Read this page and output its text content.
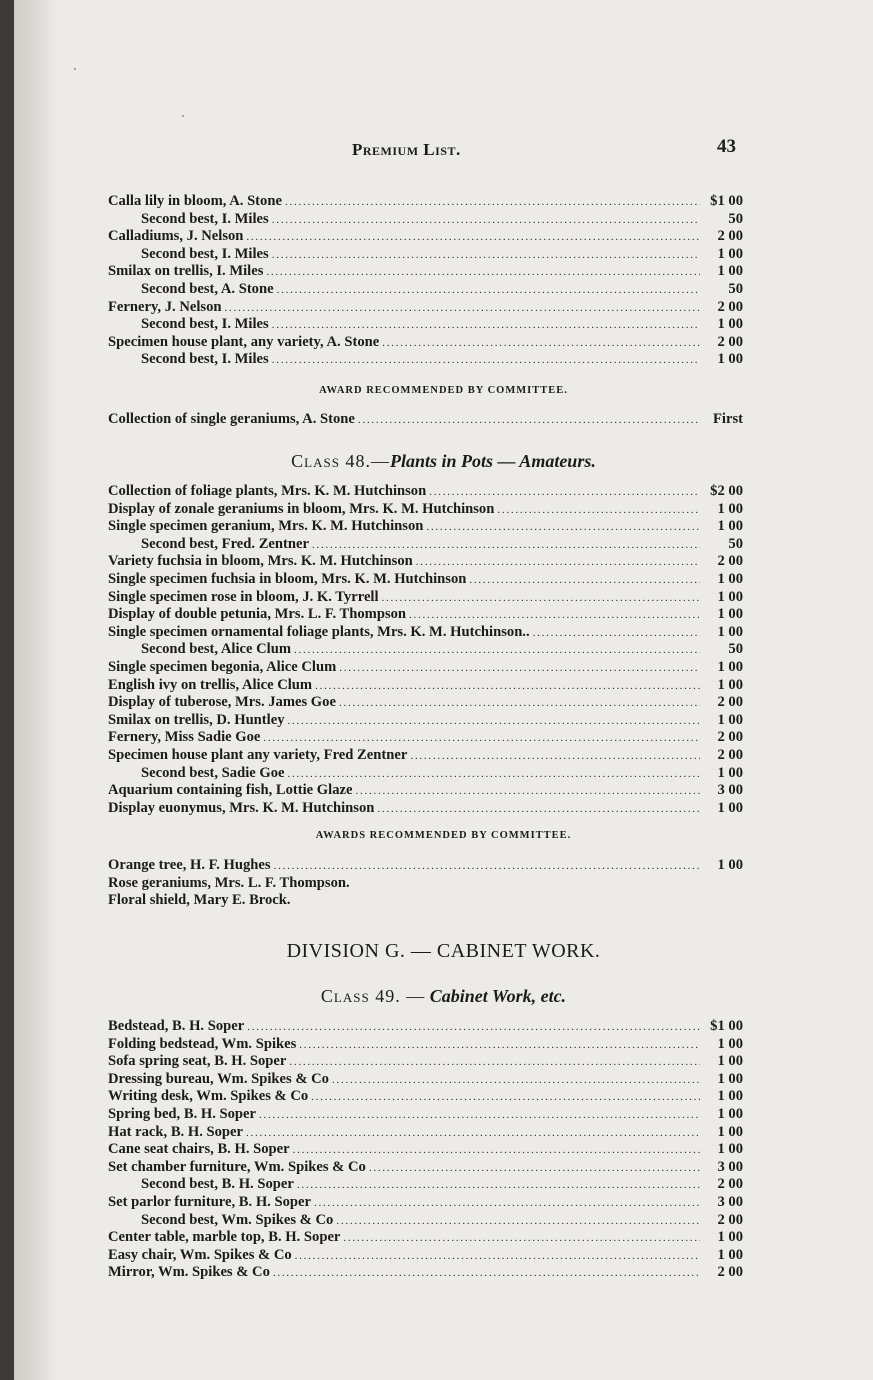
Premium List.	43
Calla lily in bloom, A. Stone . . .	$1 00
Second best, I. Miles . . .	50
Calladiums, J. Nelson . . .	2 00
Second best, I. Miles . . .	1 00
Smilax on trellis, I. Miles . . .	1 00
Second best, A. Stone . . .	50
Fernery, J. Nelson . . .	2 00
Second best, I. Miles . . .	1 00
Specimen house plant, any variety, A. Stone . . .	2 00
Second best, I. Miles . . .	1 00
AWARD RECOMMENDED BY COMMITTEE.
Collection of single geraniums, A. Stone . . .	First
Class 48.—Plants in Pots — Amateurs.
Collection of foliage plants, Mrs. K. M. Hutchinson . . .	$2 00
Display of zonale geraniums in bloom, Mrs. K. M. Hutchinson . . .	1 00
Single specimen geranium, Mrs. K. M. Hutchinson . . .	1 00
Second best, Fred. Zentner . . .	50
Variety fuchsia in bloom, Mrs. K. M. Hutchinson . . .	2 00
Single specimen fuchsia in bloom, Mrs. K. M. Hutchinson . . .	1 00
Single specimen rose in bloom, J. K. Tyrrell . . .	1 00
Display of double petunia, Mrs. L. F. Thompson . . .	1 00
Single specimen ornamental foliage plants, Mrs. K. M. Hutchinson.. . . .	1 00
Second best, Alice Clum . . .	50
Single specimen begonia, Alice Clum . . .	1 00
English ivy on trellis, Alice Clum . . .	1 00
Display of tuberose, Mrs. James Goe . . .	2 00
Smilax on trellis, D. Huntley . . .	1 00
Fernery, Miss Sadie Goe . . .	2 00
Specimen house plant any variety, Fred Zentner . . .	2 00
Second best, Sadie Goe . . .	1 00
Aquarium containing fish, Lottie Glaze . . .	3 00
Display euonymus, Mrs. K. M. Hutchinson . . .	1 00
AWARDS RECOMMENDED BY COMMITTEE.
Orange tree, H. F. Hughes . . .	1 00
Rose geraniums, Mrs. L. F. Thompson.
Floral shield, Mary E. Brock.
DIVISION G. — CABINET WORK.
Class 49. — Cabinet Work, etc.
Bedstead, B. H. Soper . . .	$1 00
Folding bedstead, Wm. Spikes . . .	1 00
Sofa spring seat, B. H. Soper . . .	1 00
Dressing bureau, Wm. Spikes & Co . . .	1 00
Writing desk, Wm. Spikes & Co . . .	1 00
Spring bed, B. H. Soper . . .	1 00
Hat rack, B. H. Soper . . .	1 00
Cane seat chairs, B. H. Soper . . .	1 00
Set chamber furniture, Wm. Spikes & Co . . .	3 00
Second best, B. H. Soper . . .	2 00
Set parlor furniture, B. H. Soper . . .	3 00
Second best, Wm. Spikes & Co . . .	2 00
Center table, marble top, B. H. Soper . . .	1 00
Easy chair, Wm. Spikes & Co . . .	1 00
Mirror, Wm. Spikes & Co . . .	2 00
